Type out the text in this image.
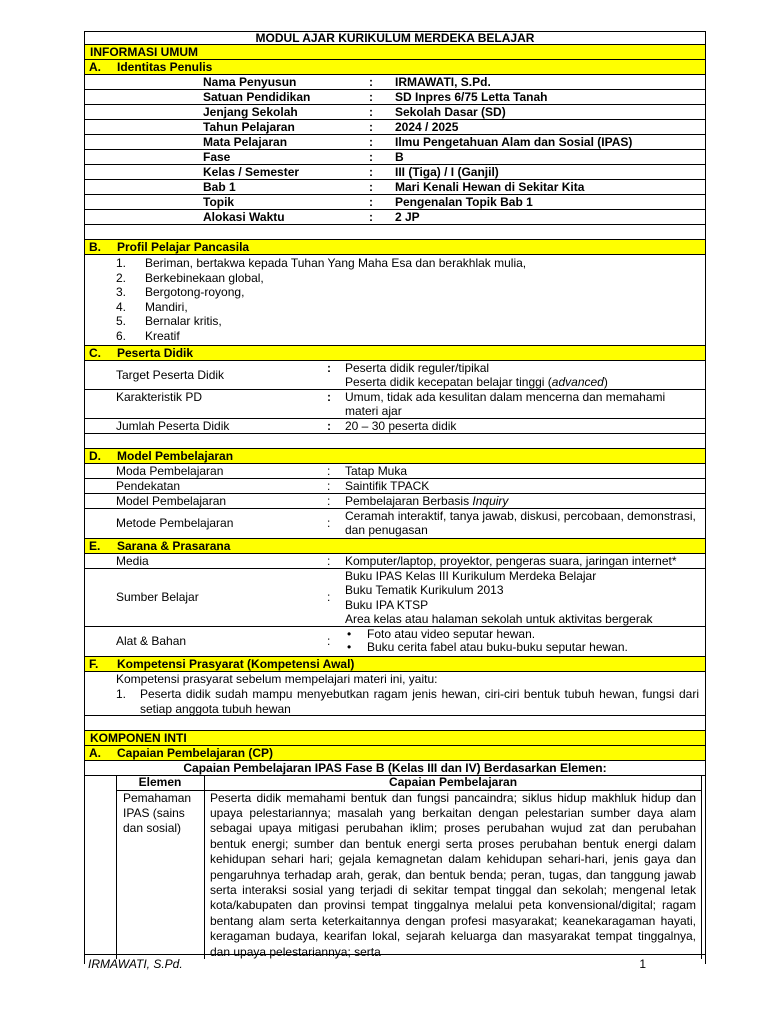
MODUL AJAR KURIKULUM MERDEKA BELAJAR
INFORMASI UMUM
A. Identitas Penulis
Nama Penyusun	: IRMAWATI, S.Pd.
Satuan Pendidikan	: SD Inpres 6/75 Letta Tanah
Jenjang Sekolah	: Sekolah Dasar (SD)
Tahun Pelajaran	: 2024 / 2025
Mata Pelajaran	: Ilmu Pengetahuan Alam dan Sosial (IPAS)
Fase	: B
Kelas / Semester	: III (Tiga) / I (Ganjil)
Bab 1	: Mari Kenali Hewan di Sekitar Kita
Topik	: Pengenalan Topik Bab 1
Alokasi Waktu	: 2 JP
B. Profil Pelajar Pancasila
1. Beriman, bertakwa kepada Tuhan Yang Maha Esa dan berakhlak mulia,
2. Berkebinekaan global,
3. Bergotong-royong,
4. Mandiri,
5. Bernalar kritis,
6. Kreatif
C. Peserta Didik
Target Peserta Didik	: Peserta didik reguler/tipikal
Peserta didik kecepatan belajar tinggi (advanced)
Karakteristik PD	: Umum, tidak ada kesulitan dalam mencerna dan memahami materi ajar
Jumlah Peserta Didik	: 20 – 30 peserta didik
D. Model Pembelajaran
Moda Pembelajaran	: Tatap Muka
Pendekatan	: Saintifik TPACK
Model Pembelajaran	: Pembelajaran Berbasis Inquiry
Metode Pembelajaran	: Ceramah interaktif, tanya jawab, diskusi, percobaan, demonstrasi, dan penugasan
E. Sarana & Prasarana
Media	: Komputer/laptop, proyektor, pengeras suara, jaringan internet*
Sumber Belajar	:
Buku IPAS Kelas III Kurikulum Merdeka Belajar
Buku Tematik Kurikulum 2013
Buku IPA KTSP
Area kelas atau halaman sekolah untuk aktivitas bergerak
Alat & Bahan	:
•	Foto atau video seputar hewan.
• Buku cerita fabel atau buku-buku seputar hewan.
F. Kompetensi Prasyarat (Kompetensi Awal)
Kompetensi prasyarat sebelum mempelajari materi ini, yaitu:
1. Peserta didik sudah mampu menyebutkan ragam jenis hewan, ciri-ciri bentuk tubuh hewan, fungsi dari setiap anggota tubuh hewan
KOMPONEN INTI
A. Capaian Pembelajaran (CP)
Capaian Pembelajaran IPAS Fase B (Kelas III dan IV) Berdasarkan Elemen:
Elemen	Capaian Pembelajaran
Pemahaman IPAS (sains dan sosial)
Peserta didik memahami bentuk dan fungsi pancaindra; siklus hidup makhluk hidup dan upaya pelestariannya; masalah yang berkaitan dengan pelestarian sumber daya alam sebagai upaya mitigasi perubahan iklim; proses perubahan wujud zat dan perubahan bentuk energi; sumber dan bentuk energi serta proses perubahan bentuk energi dalam kehidupan sehari hari; gejala kemagnetan dalam kehidupan sehari-hari, jenis gaya dan pengaruhnya terhadap arah, gerak, dan bentuk benda; peran, tugas, dan tanggung jawab serta interaksi sosial yang terjadi di sekitar tempat tinggal dan sekolah; mengenal letak kota/kabupaten dan provinsi tempat tinggalnya melalui peta konvensional/digital; ragam bentang alam serta keterkaitannya dengan profesi masyarakat; keanekaragaman hayati, keragaman budaya, kearifan lokal, sejarah keluarga dan masyarakat tempat tinggalnya, dan upaya pelestariannya; serta
IRMAWATI, S.Pd.	1
